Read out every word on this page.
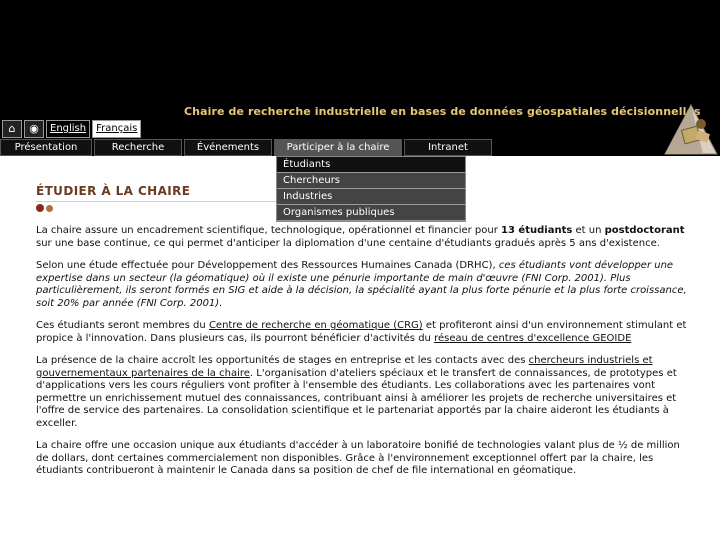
Chaire de recherche industrielle en bases de données géospatiales décisionnelles
⌂	◉	English	Français
Présentation	Recherche	Événements	Participer à la chaire	Intranet
Étudiants
Chercheurs
Industries
Organismes publiques
ÉTUDIER À LA CHAIRE

La chaire assure un encadrement scientifique, technologique, opérationnel et financier pour 13 étudiants et un postdoctorant sur une base continue, ce qui permet d'anticiper la diplomation d'une centaine d'étudiants gradués après 5 ans d'existence.

Selon une étude effectuée pour Développement des Ressources Humaines Canada (DRHC), ces étudiants vont développer une expertise dans un secteur (la géomatique) où il existe une pénurie importante de main d'œuvre (FNI Corp. 2001). Plus particulièrement, ils seront formés en SIG et aide à la décision, la spécialité ayant la plus forte pénurie et la plus forte croissance, soit 20% par année (FNI Corp. 2001).

Ces étudiants seront membres du Centre de recherche en géomatique (CRG) et profiteront ainsi d'un environnement stimulant et propice à l'innovation. Dans plusieurs cas, ils pourront bénéficier d'activités du réseau de centres d'excellence GEOIDE

La présence de la chaire accroît les opportunités de stages en entreprise et les contacts avec des chercheurs industriels et gouvernementaux partenaires de la chaire. L'organisation d'ateliers spéciaux et le transfert de connaissances, de prototypes et d'applications vers les cours réguliers vont profiter à l'ensemble des étudiants. Les collaborations avec les partenaires vont permettre un enrichissement mutuel des connaissances, contribuant ainsi à améliorer les projets de recherche universitaires et l'offre de service des partenaires. La consolidation scientifique et le partenariat apportés par la chaire aideront les étudiants à exceller.

La chaire offre une occasion unique aux étudiants d'accéder à un laboratoire bonifié de technologies valant plus de ½ de million de dollars, dont certaines commercialement non disponibles. Grâce à l'environnement exceptionnel offert par la chaire, les étudiants contribueront à maintenir le Canada dans sa position de chef de file international en géomatique.
